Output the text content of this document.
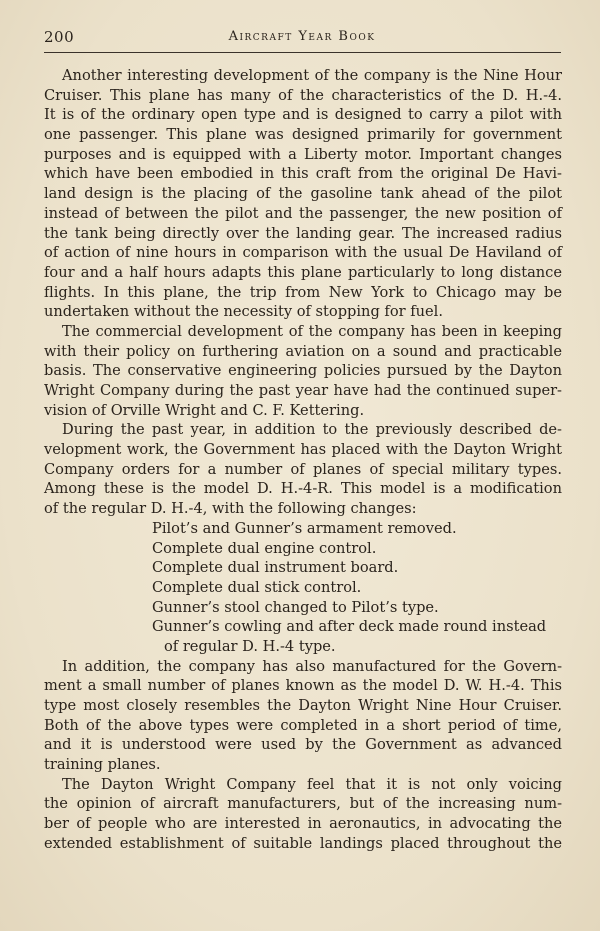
200	Aircraft Year Book
Another interesting development of the company is the Nine Hour
Cruiser. This plane has many of the characteristics of the D. H.-4.
It is of the ordinary open type and is designed to carry a pilot with
one passenger. This plane was designed primarily for government
purposes and is equipped with a Liberty motor. Important changes
which have been embodied in this craft from the original De Havi-
land design is the placing of the gasoline tank ahead of the pilot
instead of between the pilot and the passenger, the new position of
the tank being directly over the landing gear. The increased radius
of action of nine hours in comparison with the usual De Haviland of
four and a half hours adapts this plane particularly to long distance
flights. In this plane, the trip from New York to Chicago may be
undertaken without the necessity of stopping for fuel.
The commercial development of the company has been in keeping
with their policy on furthering aviation on a sound and practicable
basis. The conservative engineering policies pursued by the Dayton
Wright Company during the past year have had the continued super-
vision of Orville Wright and C. F. Kettering.
During the past year, in addition to the previously described de-
velopment work, the Government has placed with the Dayton Wright
Company orders for a number of planes of special military types.
Among these is the model D. H.-4-R. This model is a modification
of the regular D. H.-4, with the following changes:
Pilot’s and Gunner’s armament removed.
Complete dual engine control.
Complete dual instrument board.
Complete dual stick control.
Gunner’s stool changed to Pilot’s type.
Gunner’s cowling and after deck made round instead
of regular D. H.-4 type.
In addition, the company has also manufactured for the Govern-
ment a small number of planes known as the model D. W. H.-4. This
type most closely resembles the Dayton Wright Nine Hour Cruiser.
Both of the above types were completed in a short period of time,
and it is understood were used by the Government as advanced
training planes.
The Dayton Wright Company feel that it is not only voicing
the opinion of aircraft manufacturers, but of the increasing num-
ber of people who are interested in aeronautics, in advocating the
extended establishment of suitable landings placed throughout the
